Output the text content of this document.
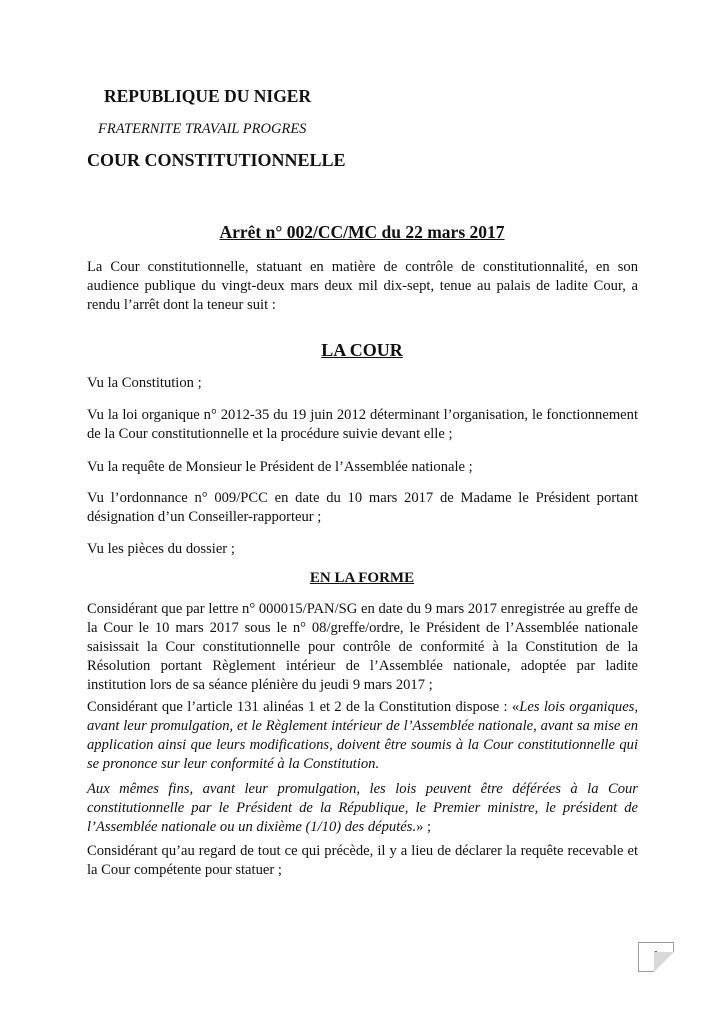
REPUBLIQUE DU NIGER

FRATERNITE TRAVAIL PROGRES

COUR CONSTITUTIONNELLE

Arrêt n° 002/CC/MC du 22 mars 2017

La Cour constitutionnelle, statuant en matière de contrôle de constitutionnalité, en son audience publique du vingt-deux mars deux mil dix-sept, tenue au palais de ladite Cour, a rendu l’arrêt dont la teneur suit :

LA COUR

Vu la Constitution ;

Vu la loi organique n° 2012-35 du 19 juin 2012 déterminant l’organisation, le fonctionnement de la Cour constitutionnelle et la procédure suivie devant elle ;

Vu la requête de Monsieur le Président de l’Assemblée nationale ;

Vu l’ordonnance n° 009/PCC en date du 10 mars 2017 de Madame le Président portant désignation d’un Conseiller-rapporteur ;

Vu les pièces du dossier ;

EN LA FORME

Considérant que par lettre n° 000015/PAN/SG en date du 9 mars 2017 enregistrée au greffe de la Cour le 10 mars 2017 sous le n° 08/greffe/ordre, le Président de l’Assemblée nationale saisissait la Cour constitutionnelle pour contrôle de conformité à la Constitution de la Résolution portant Règlement intérieur de l’Assemblée nationale, adoptée par ladite institution lors de sa séance plénière du jeudi 9 mars 2017 ;

Considérant que l’article 131 alinéas 1 et 2 de la Constitution dispose : «Les lois organiques, avant leur promulgation, et le Règlement intérieur de l’Assemblée nationale, avant sa mise en application ainsi que leurs modifications, doivent être soumis à la Cour constitutionnelle qui se prononce sur leur conformité à la Constitution.

Aux mêmes fins, avant leur promulgation, les lois peuvent être déférées à la Cour constitutionnelle par le Président de la République, le Premier ministre, le président de l’Assemblée nationale ou un dixième (1/10) des députés.» ;

Considérant qu’au regard de tout ce qui précède, il y a lieu de déclarer la requête recevable et la Cour compétente pour statuer ;

1
